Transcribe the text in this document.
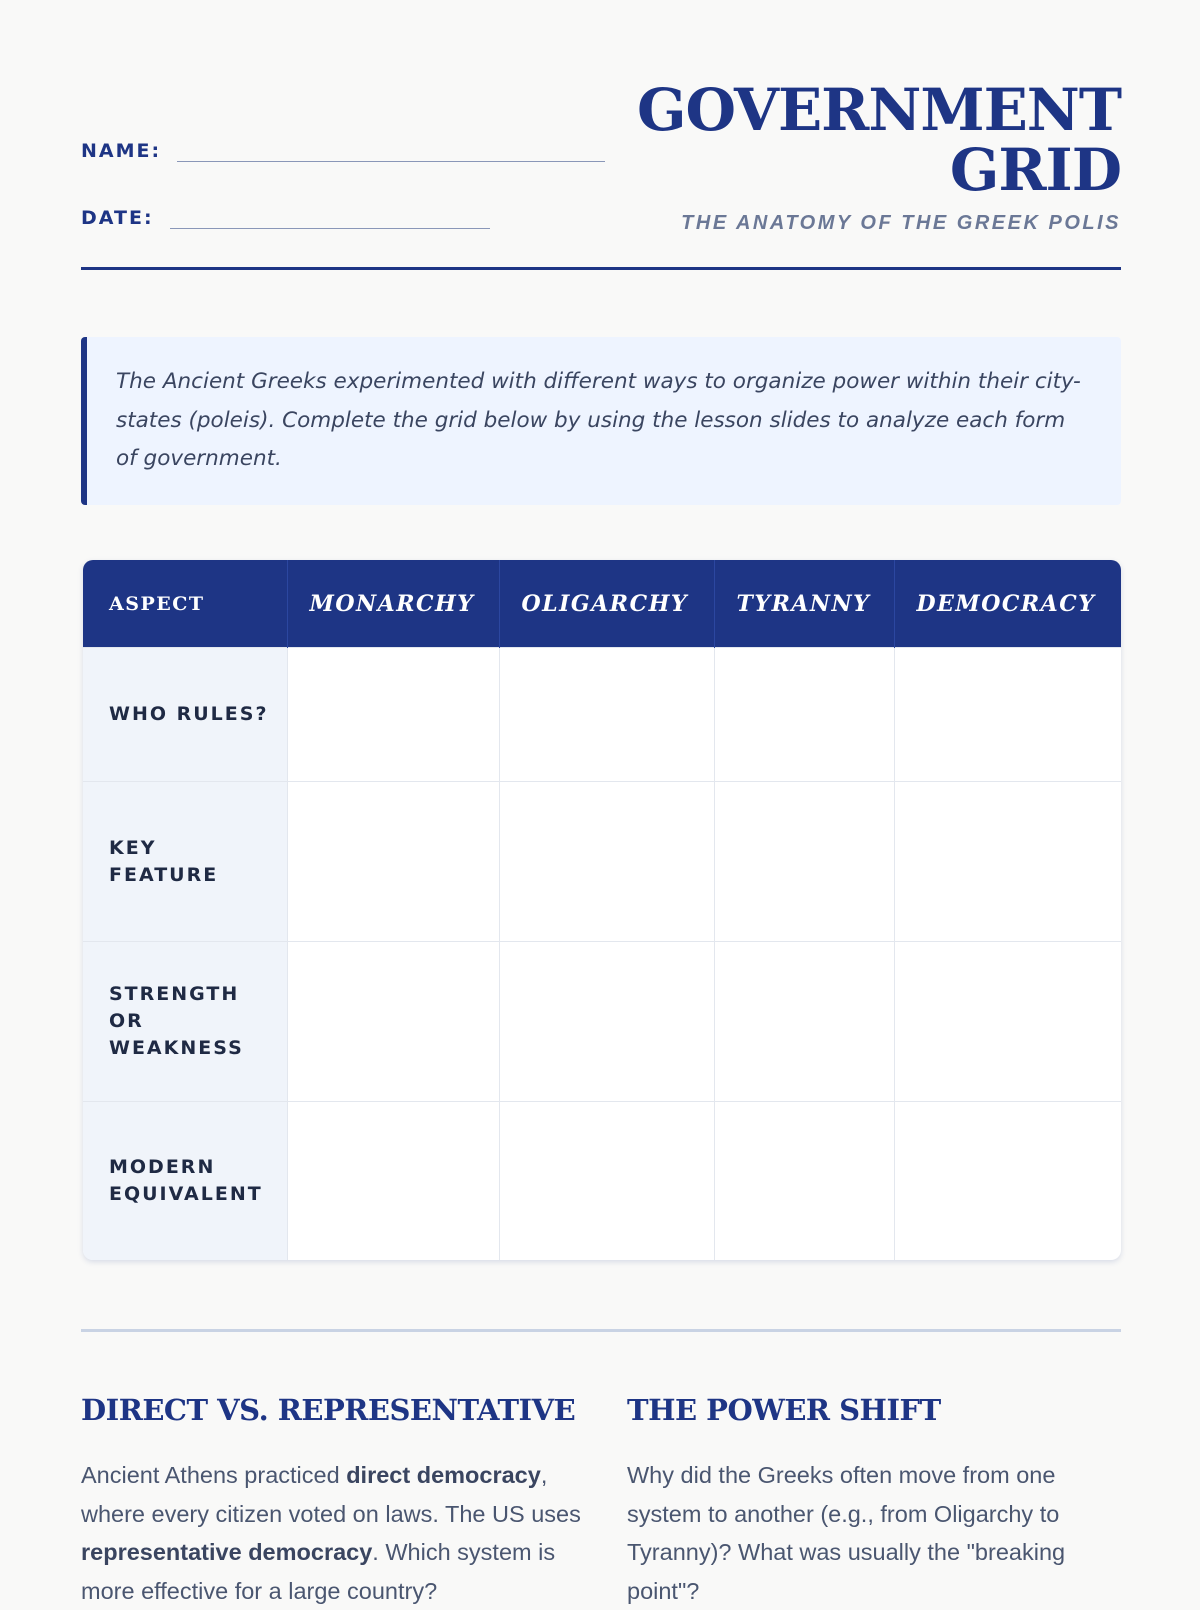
NAME:
DATE:
GOVERNMENT
GRID
THE ANATOMY OF THE GREEK POLIS

The Ancient Greeks experimented with different ways to organize power within their city-states (poleis). Complete the grid below by using the lesson slides to analyze each form of government.

ASPECT	MONARCHY	OLIGARCHY	TYRANNY	DEMOCRACY

WHO RULES?				

KEY FEATURE				

STRENGTH OR WEAKNESS				

MODERN EQUIVALENT				

DIRECT VS. REPRESENTATIVE

Ancient Athens practiced direct democracy, where every citizen voted on laws. The US uses representative democracy. Which system is more effective for a large country?

THE POWER SHIFT

Why did the Greeks often move from one system to another (e.g., from Oligarchy to Tyranny)? What was usually the "breaking point"?
